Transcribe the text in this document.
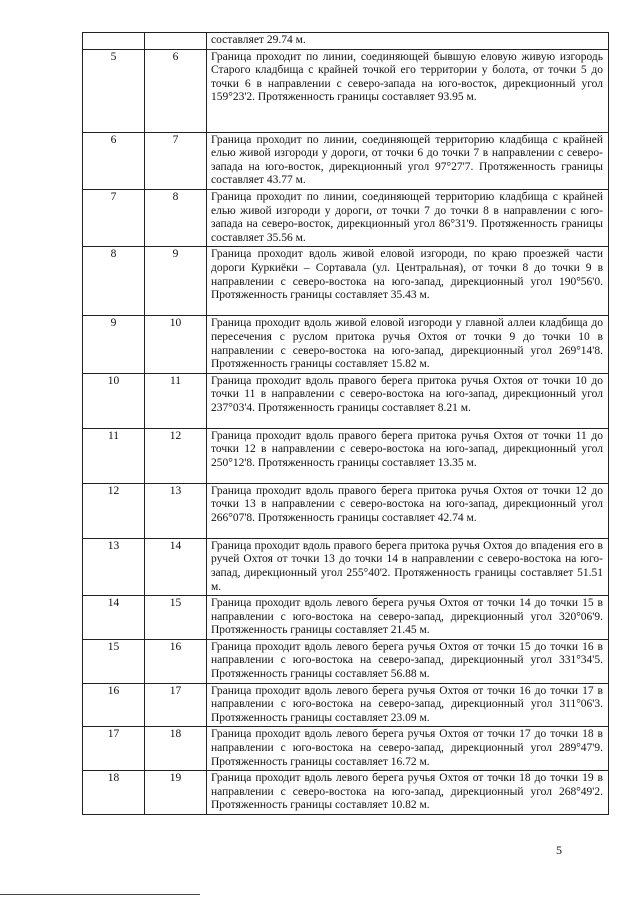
		составляет 29.74 м.
5	6	Граница проходит по линии, соединяющей бывшую еловую живую изгородь Старого кладбища с крайней точкой его территории у болота, от точки 5 до точки 6 в направлении с северо-запада на юго-восток, дирекционный угол 159°23'2. Протяженность границы составляет 93.95 м.
6	7	Граница проходит по линии, соединяющей территорию кладбища с крайней елью живой изгороди у дороги, от точки 6 до точки 7 в направлении с северо-запада на юго-восток, дирекционный угол 97°27'7. Протяженность границы составляет 43.77 м.
7	8	Граница проходит по линии, соединяющей территорию кладбища с крайней елью живой изгороди у дороги, от точки 7 до точки 8 в направлении с юго-запада на северо-восток, дирекционный угол 86°31'9. Протяженность границы составляет 35.56 м.
8	9	Граница проходит вдоль живой еловой изгороди, по краю проезжей части дороги Куркиёки – Сортавала (ул. Центральная), от точки 8 до точки 9 в направлении с северо-востока на юго-запад, дирекционный угол 190°56'0. Протяженность границы составляет 35.43 м.
9	10	Граница проходит вдоль живой еловой изгороди у главной аллеи кладбища до пересечения с руслом притока ручья Охтоя от точки 9 до точки 10 в направлении с северо-востока на юго-запад, дирекционный угол 269°14'8. Протяженность границы составляет 15.82 м.
10	11	Граница проходит вдоль правого берега притока ручья Охтоя от точки 10 до точки 11 в направлении с северо-востока на юго-запад, дирекционный угол 237°03'4. Протяженность границы составляет 8.21 м.
11	12	Граница проходит вдоль правого берега притока ручья Охтоя от точки 11 до точки 12 в направлении с северо-востока на юго-запад, дирекционный угол 250°12'8. Протяженность границы составляет 13.35 м.
12	13	Граница проходит вдоль правого берега притока ручья Охтоя от точки 12 до точки 13 в направлении с северо-востока на юго-запад, дирекционный угол 266°07'8. Протяженность границы составляет 42.74 м.
13	14	Граница проходит вдоль правого берега притока ручья Охтоя до впадения его в ручей Охтоя от точки 13 до точки 14 в направлении с северо-востока на юго-запад, дирекционный угол 255°40'2. Протяженность границы составляет 51.51 м.
14	15	Граница проходит вдоль левого берега ручья Охтоя от точки 14 до точки 15 в направлении с юго-востока на северо-запад, дирекционный угол 320°06'9. Протяженность границы составляет 21.45 м.
15	16	Граница проходит вдоль левого берега ручья Охтоя от точки 15 до точки 16 в направлении с юго-востока на северо-запад, дирекционный угол 331°34'5. Протяженность границы составляет 56.88 м.
16	17	Граница проходит вдоль левого берега ручья Охтоя от точки 16 до точки 17 в направлении с юго-востока на северо-запад, дирекционный угол 311°06'3. Протяженность границы составляет 23.09 м.
17	18	Граница проходит вдоль левого берега ручья Охтоя от точки 17 до точки 18 в направлении с юго-востока на северо-запад, дирекционный угол 289°47'9. Протяженность границы составляет 16.72 м.
18	19	Граница проходит вдоль левого берега ручья Охтоя от точки 18 до точки 19 в направлении с северо-востока на юго-запад, дирекционный угол 268°49'2. Протяженность границы составляет 10.82 м.
5
